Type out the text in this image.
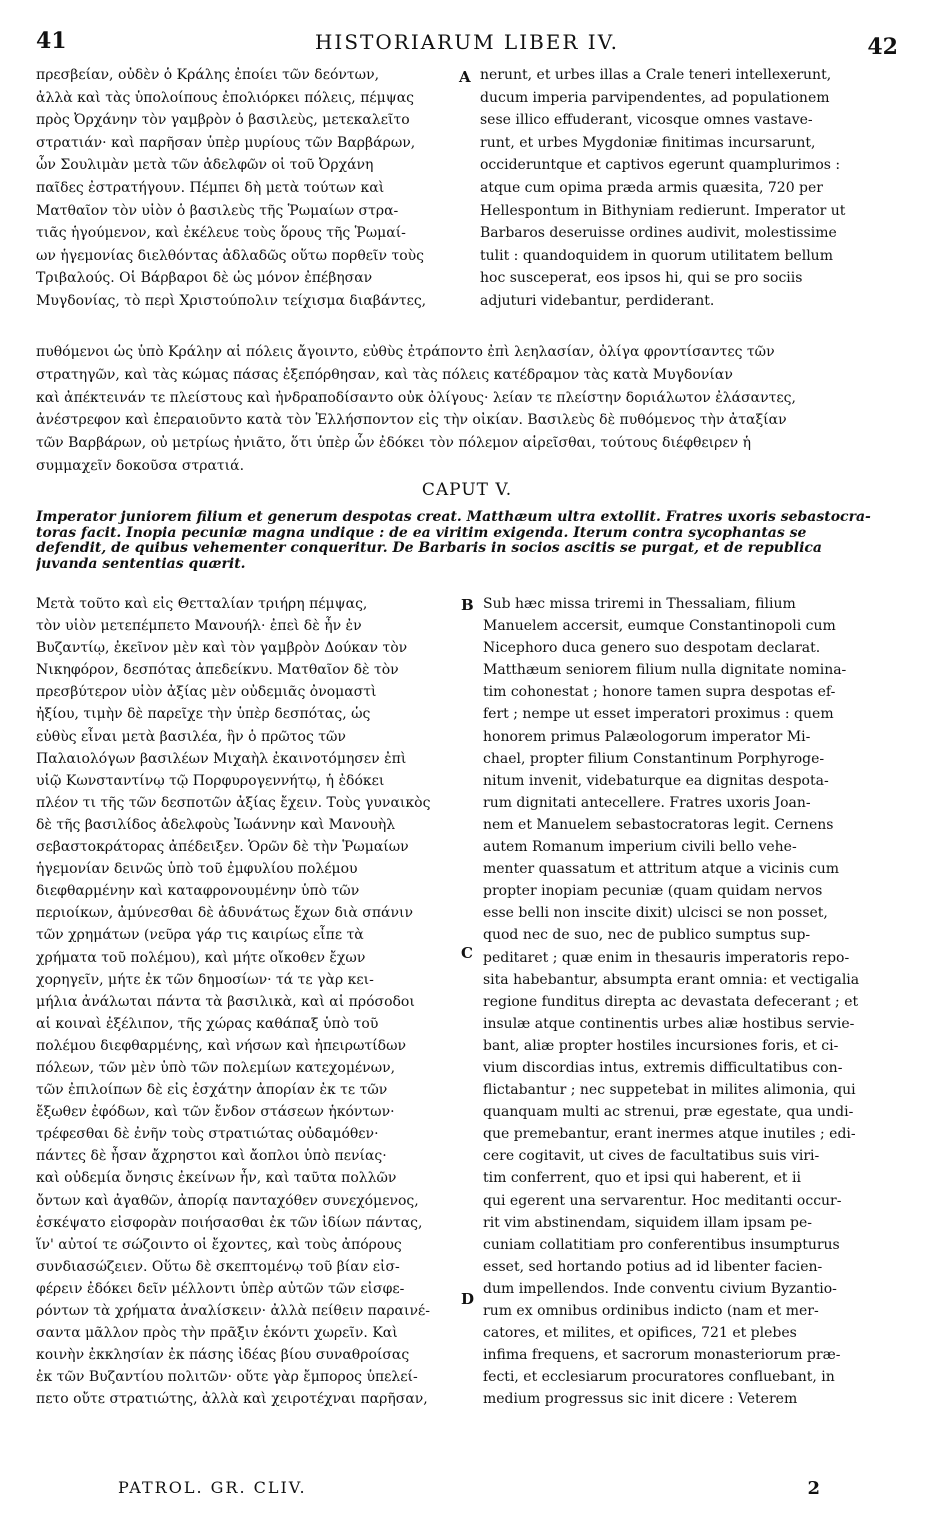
41	HISTORIARUM LIBER IV.	42

πρεσβείαν, οὐδὲν ὁ Κράλης ἐποίει τῶν δεόντων,

ἀλλὰ καὶ τὰς ὑπολοίπους ἐπολιόρκει πόλεις, πέμψας

πρὸς Ὀρχάνην τὸν γαμβρὸν ὁ βασιλεὺς, μετεκαλεῖτο

στρατιάν· καὶ παρῆσαν ὑπὲρ μυρίους τῶν Βαρβάρων,

ὧν Σουλιμὰν μετὰ τῶν ἀδελφῶν οἱ τοῦ Ὀρχάνη

παῖδες ἐστρατήγουν. Πέμπει δὴ μετὰ τούτων καὶ

Ματθαῖον τὸν υἱὸν ὁ βασιλεὺς τῆς Ῥωμαίων στρα-

τιᾶς ἡγούμενον, καὶ ἐκέλευε τοὺς ὅρους τῆς Ῥωμαί-

ων ἡγεμονίας διελθόντας ἀδλαδῶς οὕτω πορθεῖν τοὺς

Τριβαλούς. Οἱ Βάρβαροι δὲ ὡς μόνον ἐπέβησαν

Μυγδονίας, τὸ περὶ Χριστούπολιν τείχισμα διαβάντες,

A nerunt, et urbes illas a Crale teneri intellexerunt,

ducum imperia parvipendentes, ad populationem

sese illico effuderant, vicosque omnes vastave-

runt, et urbes Mygdoniæ finitimas incursarunt,

occideruntque et captivos egerunt quamplurimos :

atque cum opima præda armis quæsita, 720 per

Hellespontum in Bithyniam redierunt. Imperator ut

Barbaros deseruisse ordines audivit, molestissime

tulit : quandoquidem in quorum utilitatem bellum

hoc susceperat, eos ipsos hi, qui se pro sociis

adjuturi videbantur, perdiderant.

πυθόμενοι ὡς ὑπὸ Κράλην αἱ πόλεις ἄγοιντο, εὐθὺς ἐτράποντο ἐπὶ λεηλασίαν, ὀλίγα φροντίσαντες τῶν

στρατηγῶν, καὶ τὰς κώμας πάσας ἐξεπόρθησαν, καὶ τὰς πόλεις κατέδραμον τὰς κατὰ Μυγδονίαν

καὶ ἀπέκτεινάν τε πλείστους καὶ ἠνδραποδίσαντο οὐκ ὀλίγους· λείαν τε πλείστην δοριάλωτον ἐλάσαντες,

ἀνέστρεφον καὶ ἐπεραιοῦντο κατὰ τὸν Ἑλλήσποντον εἰς τὴν οἰκίαν. Βασιλεὺς δὲ πυθόμενος τὴν ἀταξίαν

τῶν Βαρβάρων, οὐ μετρίως ἠνιᾶτο, ὅτι ὑπὲρ ὧν ἐδόκει τὸν πόλεμον αἱρεῖσθαι, τούτους διέφθειρεν ἡ

συμμαχεῖν δοκοῦσα στρατιά.

CAPUT V.

Imperator juniorem filium et generum despotas creat. Matthæum ultra extollit. Fratres uxoris sebastocra-

toras facit. Inopia pecuniæ magna undique : de ea viritim exigenda. Iterum contra sycophantas se

defendit, de quibus vehementer conqueritur. De Barbaris in socios ascitis se purgat, et de republica

juvanda sententias quærit.

Μετὰ τοῦτο καὶ εἰς Θετταλίαν τριήρη πέμψας,

τὸν υἱὸν μετεπέμπετο Μανουήλ· ἐπεὶ δὲ ἦν ἐν

Βυζαντίῳ, ἐκεῖνον μὲν καὶ τὸν γαμβρὸν Δούκαν τὸν

Νικηφόρον, δεσπότας ἀπεδείκνυ. Ματθαῖον δὲ τὸν

πρεσβύτερον υἱὸν ἀξίας μὲν οὐδεμιᾶς ὀνομαστὶ

ἠξίου, τιμὴν δὲ παρεῖχε τὴν ὑπὲρ δεσπότας, ὡς

εὐθὺς εἶναι μετὰ βασιλέα, ἣν ὁ πρῶτος τῶν

Παλαιολόγων βασιλέων Μιχαὴλ ἐκαινοτόμησεν ἐπὶ

υἱῷ Κωνσταντίνῳ τῷ Πορφυρογεννήτῳ, ἡ ἐδόκει

πλέον τι τῆς τῶν δεσποτῶν ἀξίας ἔχειν. Τοὺς γυναικὸς

δὲ τῆς βασιλίδος ἀδελφοὺς Ἰωάννην καὶ Μανουὴλ

σεβαστοκράτορας ἀπέδειξεν. Ὁρῶν δὲ τὴν Ῥωμαίων

ἡγεμονίαν δεινῶς ὑπὸ τοῦ ἐμφυλίου πολέμου

διεφθαρμένην καὶ καταφρονουμένην ὑπὸ τῶν

περιοίκων, ἀμύνεσθαι δὲ ἀδυνάτως ἔχων διὰ σπάνιν

τῶν χρημάτων (νεῦρα γάρ τις καιρίως εἶπε τὰ

χρήματα τοῦ πολέμου), καὶ μήτε οἴκοθεν ἔχων

χορηγεῖν, μήτε ἐκ τῶν δημοσίων· τά τε γὰρ κει-

μήλια ἀνάλωται πάντα τὰ βασιλικὰ, καὶ αἱ πρόσοδοι

αἱ κοιναὶ ἐξέλιπον, τῆς χώρας καθάπαξ ὑπὸ τοῦ

πολέμου διεφθαρμένης, καὶ νήσων καὶ ἠπειρωτίδων

πόλεων, τῶν μὲν ὑπὸ τῶν πολεμίων κατεχομένων,

τῶν ἐπιλοίπων δὲ εἰς ἐσχάτην ἀπορίαν ἐκ τε τῶν

ἔξωθεν ἐφόδων, καὶ τῶν ἔνδον στάσεων ἡκόντων·

τρέφεσθαι δὲ ἐνῆν τοὺς στρατιώτας οὐδαμόθεν·

πάντες δὲ ἦσαν ἄχρηστοι καὶ ἄοπλοι ὑπὸ πενίας·

καὶ οὐδεμία ὄνησις ἐκείνων ἦν, καὶ ταῦτα πολλῶν

ὄντων καὶ ἀγαθῶν, ἀπορίᾳ πανταχόθεν συνεχόμενος,

ἐσκέψατο εἰσφορὰν ποιήσασθαι ἐκ τῶν ἰδίων πάντας,

ἵν' αὐτοί τε σώζοιντο οἱ ἔχοντες, καὶ τοὺς ἀπόρους

συνδιασώζειεν. Οὕτω δὲ σκεπτομένῳ τοῦ βίαν εἰσ-

φέρειν ἐδόκει δεῖν μέλλοντι ὑπὲρ αὐτῶν τῶν εἰσφε-

ρόντων τὰ χρήματα ἀναλίσκειν· ἀλλὰ πείθειν παραινέ-

σαντα μᾶλλον πρὸς τὴν πρᾶξιν ἑκόντι χωρεῖν. Καὶ

κοινὴν ἐκκλησίαν ἐκ πάσης ἰδέας βίου συναθροίσας

ἐκ τῶν Βυζαντίου πολιτῶν· οὔτε γὰρ ἔμπορος ὑπελεί-

πετο οὔτε στρατιώτης, ἀλλὰ καὶ χειροτέχναι παρῆσαν,

B
C
D

Sub hæc missa triremi in Thessaliam, filium

Manuelem accersit, eumque Constantinopoli cum

Nicephoro duca genero suo despotam declarat.

Matthæum seniorem filium nulla dignitate nomina-

tim cohonestat ; honore tamen supra despotas ef-

fert ; nempe ut esset imperatori proximus : quem

honorem primus Palæologorum imperator Mi-

chael, propter filium Constantinum Porphyroge-

nitum invenit, videbaturque ea dignitas despota-

rum dignitati antecellere. Fratres uxoris Joan-

nem et Manuelem sebastocratoras legit. Cernens

autem Romanum imperium civili bello vehe-

menter quassatum et attritum atque a vicinis cum

propter inopiam pecuniæ (quam quidam nervos

esse belli non inscite dixit) ulcisci se non posset,

quod nec de suo, nec de publico sumptus sup-

peditaret ; quæ enim in thesauris imperatoris repo-

sita habebantur, absumpta erant omnia: et vectigalia

regione funditus direpta ac devastata defecerant ; et

insulæ atque continentis urbes aliæ hostibus servie-

bant, aliæ propter hostiles incursiones foris, et ci-

vium discordias intus, extremis difficultatibus con-

flictabantur ; nec suppetebat in milites alimonia, qui

quanquam multi ac strenui, præ egestate, qua undi-

que premebantur, erant inermes atque inutiles ; edi-

cere cogitavit, ut cives de facultatibus suis viri-

tim conferrent, quo et ipsi qui haberent, et ii

qui egerent una servarentur. Hoc meditanti occur-

rit vim abstinendam, siquidem illam ipsam pe-

cuniam collatitiam pro conferentibus insumpturus

esset, sed hortando potius ad id libenter facien-

dum impellendos. Inde conventu civium Byzantio-

rum ex omnibus ordinibus indicto (nam et mer-

catores, et milites, et opifices, 721 et plebes

infima frequens, et sacrorum monasteriorum præ-

fecti, et ecclesiarum procuratores confluebant, in

medium progressus sic init dicere : Veterem

PATROL. GR. CLIV.	2
